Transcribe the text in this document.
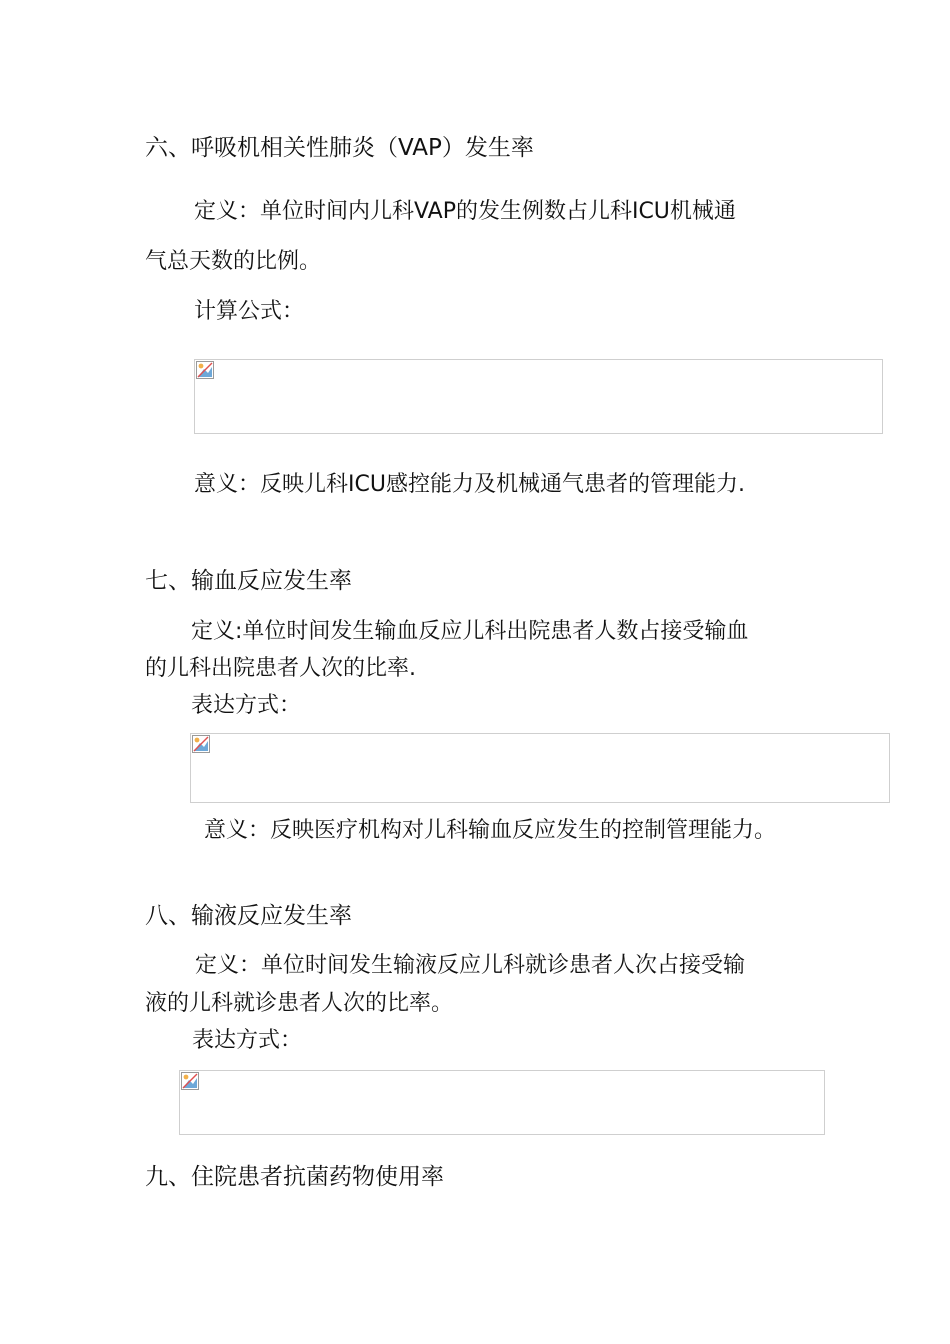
六、呼吸机相关性肺炎（VAP）发生率
定义：单位时间内儿科VAP的发生例数占儿科ICU机械通
气总天数的比例。
计算公式：
意义：反映儿科ICU感控能力及机械通气患者的管理能力.
七、输血反应发生率
定义:单位时间发生输血反应儿科出院患者人数占接受输血
的儿科出院患者人次的比率.
表达方式：
意义：反映医疗机构对儿科输血反应发生的控制管理能力。
八、输液反应发生率
定义：单位时间发生输液反应儿科就诊患者人次占接受输
液的儿科就诊患者人次的比率。
表达方式：
九、住院患者抗菌药物使用率
